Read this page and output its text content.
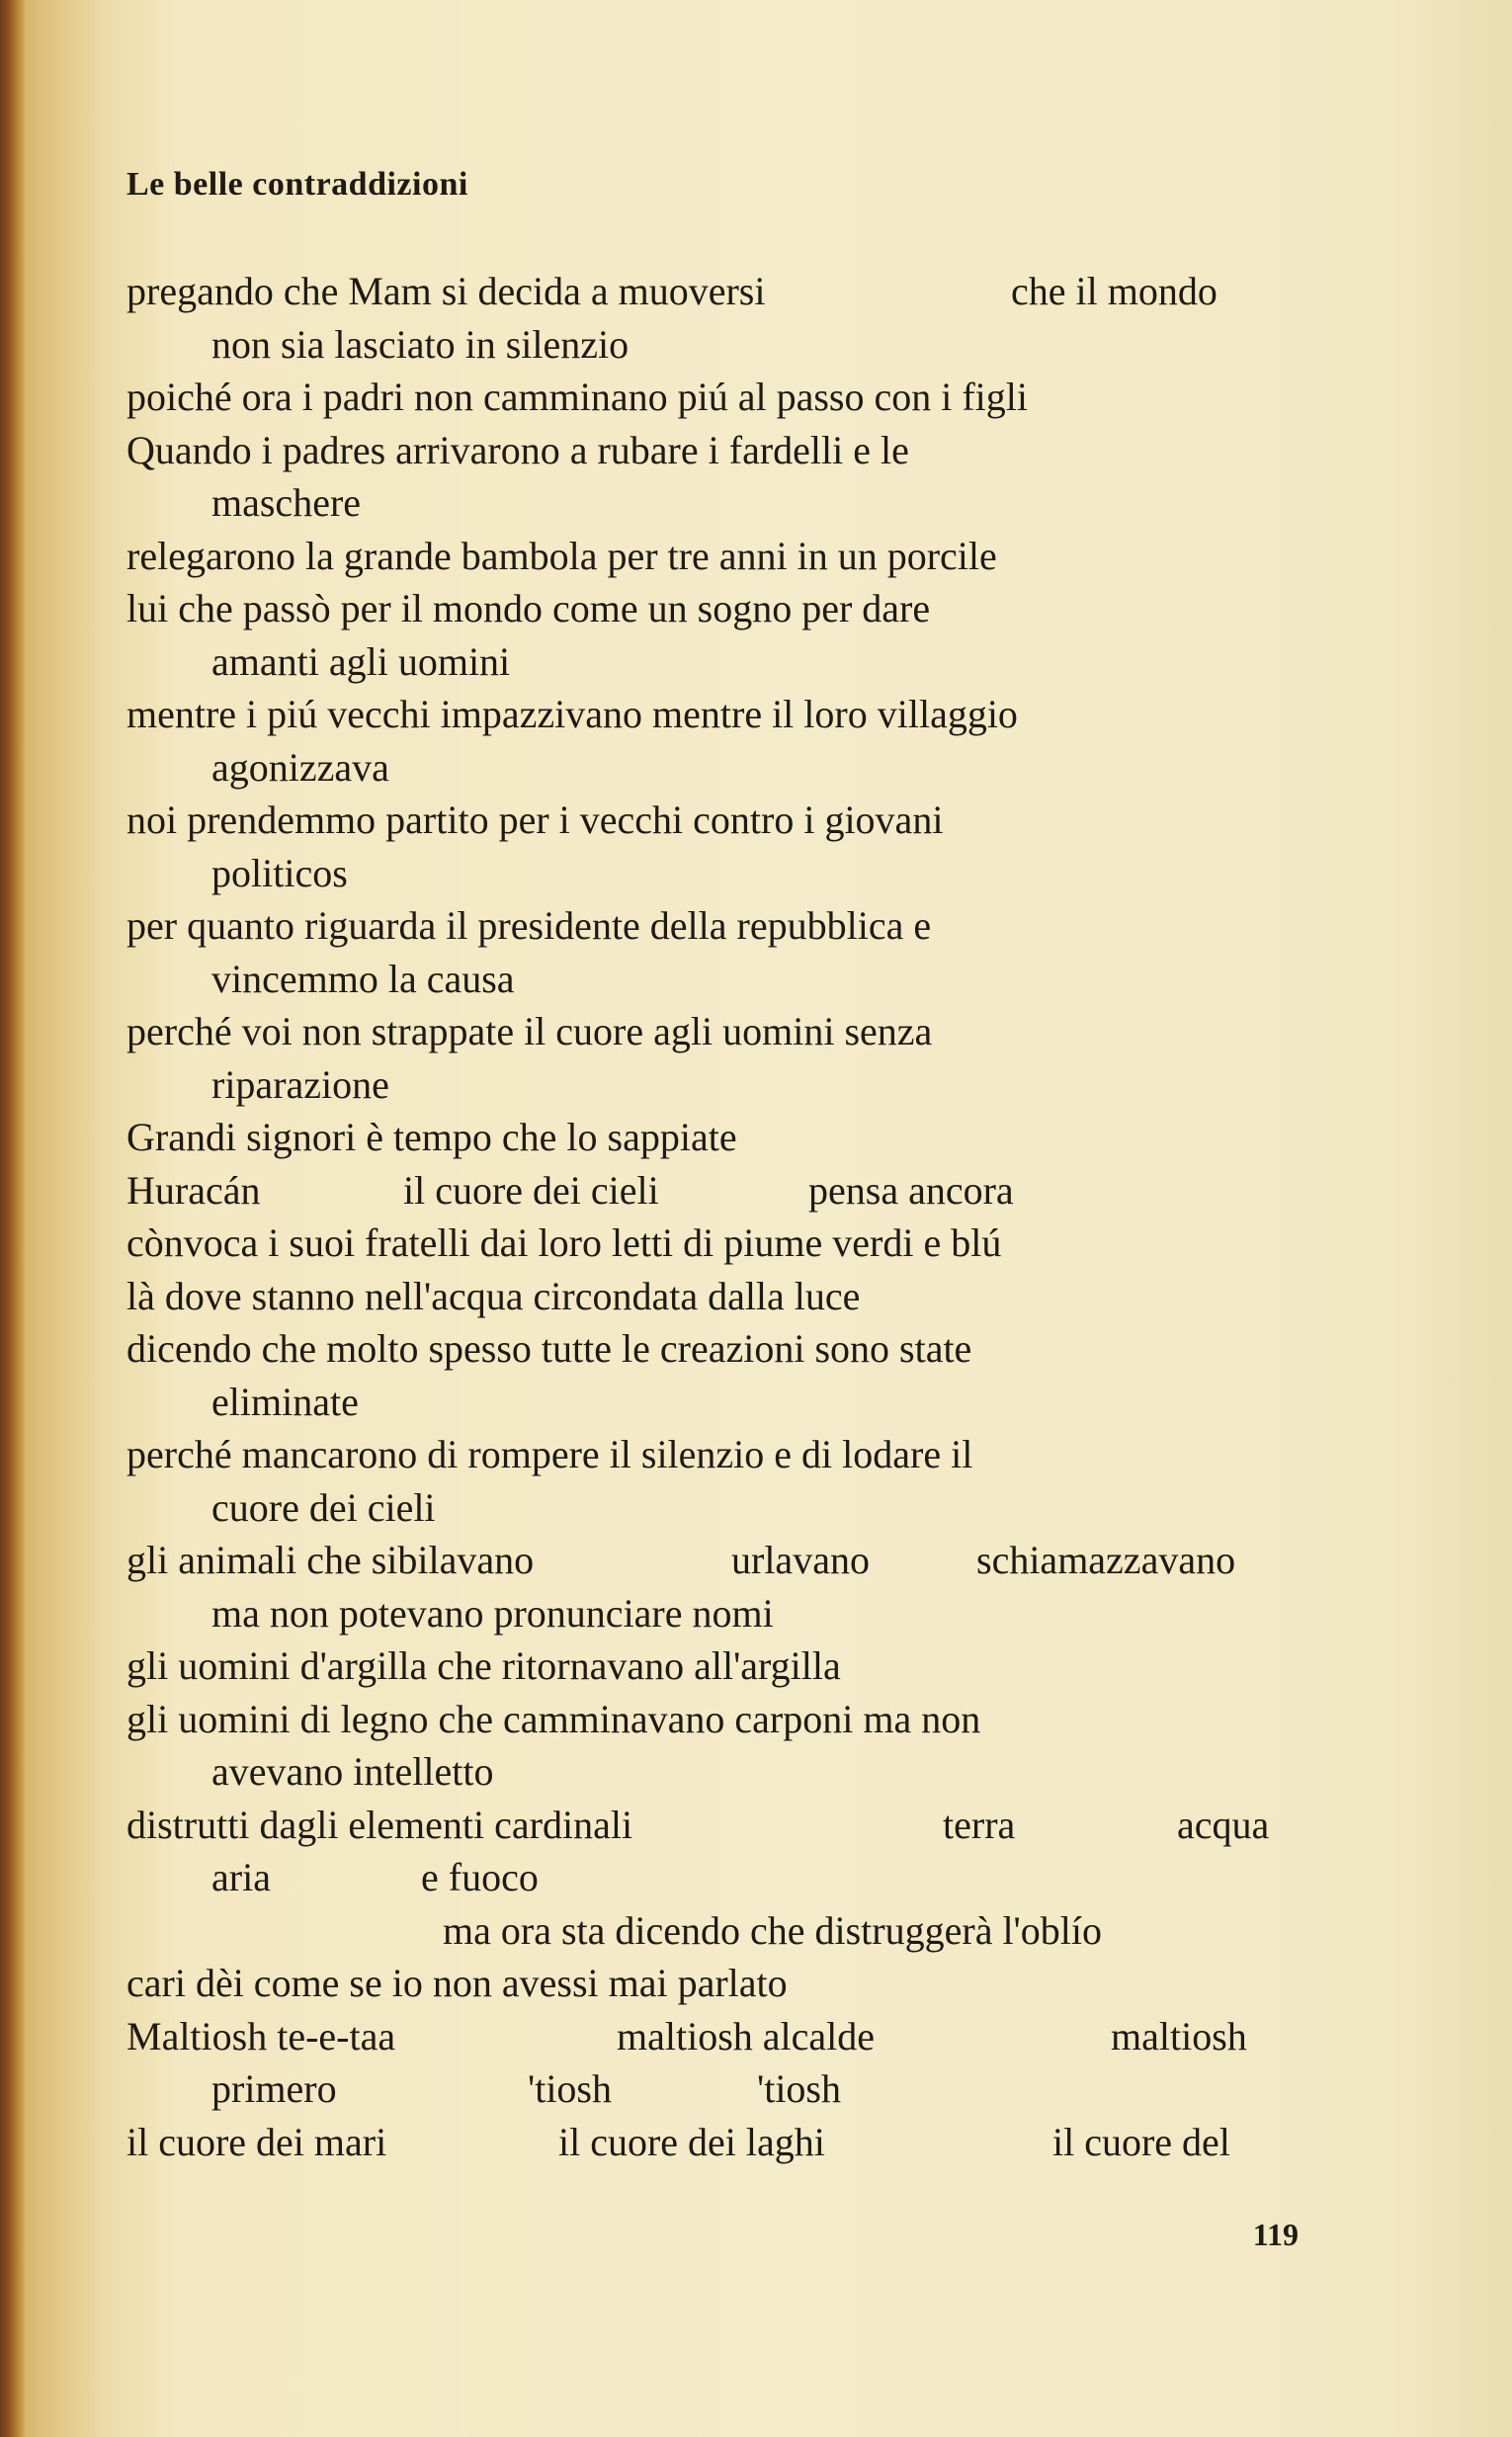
Le belle contraddizioni
pregando che Mam si decida a muoversi	che il mondo
non sia lasciato in silenzio
poiché ora i padri non camminano piú al passo con i figli
Quando i padres arrivarono a rubare i fardelli e le
maschere
relegarono la grande bambola per tre anni in un porcile
lui che passò per il mondo come un sogno per dare
amanti agli uomini
mentre i piú vecchi impazzivano mentre il loro villaggio
agonizzava
noi prendemmo partito per i vecchi contro i giovani
politicos
per quanto riguarda il presidente della repubblica e
vincemmo la causa
perché voi non strappate il cuore agli uomini senza
riparazione
Grandi signori è tempo che lo sappiate
Huracán	il cuore dei cieli	pensa ancora
cònvoca i suoi fratelli dai loro letti di piume verdi e blú
là dove stanno nell'acqua circondata dalla luce
dicendo che molto spesso tutte le creazioni sono state
eliminate
perché mancarono di rompere il silenzio e di lodare il
cuore dei cieli
gli animali che sibilavano	urlavano	schiamazzavano
ma non potevano pronunciare nomi
gli uomini d'argilla che ritornavano all'argilla
gli uomini di legno che camminavano carponi ma non
avevano intelletto
distrutti dagli elementi cardinali	terra	acqua
aria	e fuoco
ma ora sta dicendo che distruggerà l'oblío
cari dèi come se io non avessi mai parlato
Maltiosh te-e-taa	maltiosh alcalde	maltiosh
primero	'tiosh	'tiosh
il cuore dei mari	il cuore dei laghi	il cuore del
119
